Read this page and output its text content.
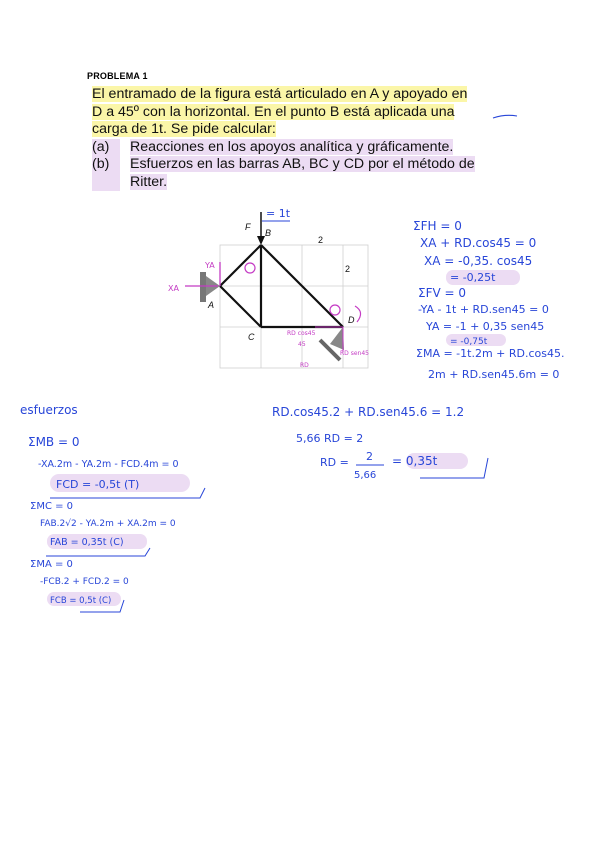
PROBLEMA 1
El entramado de la figura está articulado en A y apoyado en
D a 45º con la horizontal. En el punto B está aplicada una
carga de 1t. Se pide calcular:
(a)	Reacciones en los apoyos analítica y gráficamente.
(b)	Esfuerzos en las barras AB, BC y CD por el método de Ritter.
F
B
A
C
D
2
2
= 1t
YA
XA
RD cos45
RD sen45
RD
45
ΣFH = 0
XA + RD.cos45 = 0
XA = -0,35. cos45
= -0,25t
ΣFV = 0
-YA - 1t + RD.sen45 = 0
YA = -1 + 0,35 sen45
= -0,75t
ΣMA = -1t.2m + RD.cos45.
2m + RD.sen45.6m = 0
esfuerzos
ΣMB = 0
-XA.2m - YA.2m - FCD.4m = 0
FCD = -0,5t (T)
ΣMC = 0
FAB.2√2 - YA.2m + XA.2m = 0
FAB = 0,35t (C)
ΣMA = 0
-FCB.2 + FCD.2 = 0
FCB = 0,5t (C)
RD.cos45.2 + RD.sen45.6 = 1.2
5,66 RD = 2
RD = 2
5,66
= 0,35t
